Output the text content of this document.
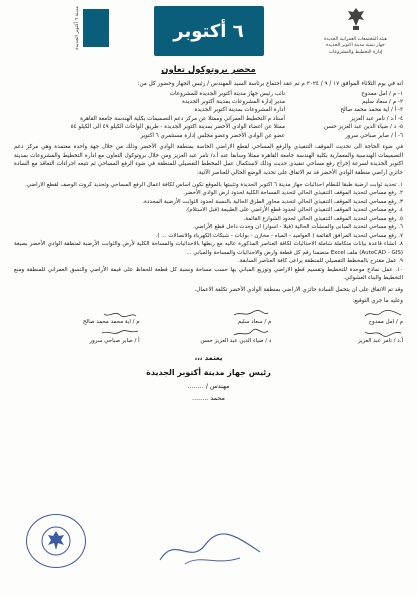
هيئة المجتمعات العمرانية الجديدة
جهاز تنمية مدينة اكتوبر الجديدة
إدارة التخطيط والمشروعات
٦ أكتوبر
مدينة ٦ أكتوبر الجديدة
محضر بروتوكول تعاون

انه في يوم الثلاثاء الموافق ١٧ / ٩ / ٢٠٢٤ م تم عقد اجتماع برئاسة السيد المهندس / رئيس الجهاز وحضور كل من:

١- م / امل ممدوح
نائب رئيس جهاز مدينة أكتوبر الجديدة للمشروعات
٢- م / سعاد سليم
مدير إدارة المشروعات بمدينة أكتوبر الجديدة
٣- أ / اية محمد محمد صالح
ادارة المشروعات بمدينة اكتوبر الجديدة
٤- أ.د / تامر عبد العزيز
أستاذ م التخطيط العمراني وممثلا عن مركز دعم التصميمات بكلية الهندسة جامعة القاهرة
٥- د / ضياء الدين عبد العزيز حسن
ممثلا عن اعضاء الوادي الأخضر بمدينة اكتوبر الجديدة - طريق الواحات الكيلو ٤٩ الى الكيلو ٥٤
٦- أ / صابر صباحي سرور
عضو عن الوادي الأخضر وعضو مجلس إدارة مستثمري ٦ اكتوبر

في ضوء الحاجة الى تحديث الموقف التنفيذي والرفع المساحي لقطع الاراضي الخاصة بمنطقة الوادي الأخضر وذلك من خلال جهة واحدة معتمدة وهي مركز دعم التصميمات الهندسية والمعمارية بكلية الهندسة جامعة القاهرة ممثلا وسابقا عنه أ.د/ تامر عبد العزيز ومن خلال بروتوكول التعاون مع ادارة التخطيط والمشروعات بمدينة اكتوبر الجديدة لسرعة إخراج رفع مساحي تنفيذي حديث وذلك لاستكمال عمل المخطط التفصيلي للمنطقة في ضوء الرفع المساحي ثم تتبعه اجراءات التعاقد مع السادة حائزي اراضي منطقة الوادي الأخضر قد تم الاتفاق على تحديد الوضع الحالي للعناصر الآتية:

١. تحديد ثوابت ارضية طبقا للنظام احداثيات جهاز مدينة ٦ اكتوبر الجديدة وتثبيتها بالموقع تكون اساس لكافة اعمال الرفع المساحي وتحديد كروت الوصف لقطع الاراضي.
٢. رفع مساحي لتحديد الموقف التنفيذي الحالي لتحديد المساحة الكلية لحدود ارض الوادي الأخضر.
٣. رفع مساحي لتحديد الموقف التنفيذي الحالي لتحديد محاور الطرق الحالية بالنسبة لحدود الثوابت الأرضية المحددة.
٤. رفع مساحي لتحديد الموقف التنفيذي الحالي لحدود قطع الأراضي على الطبيعة (قبل الاستلام).
٥. رفع مساحي لتحديد الموقف التنفيذي الحالي لحدود الشوارع القائمة.
٦. رفع مساحي لتحديد المبانى والمنشآت الحالية (فيلا - اسوار) ان وجدت داخل قطع الأراضي.
٧. رفع مساحي لتحديد المرافق القائمة ( العواميد - المياه - مخازن - بوابات - شبكات الكهرباء والاتصالات ... ).
٨. انشاء قاعدة بيانات متكاملة شاملة الاحداثيات لكافة العناصر المذكورة عاليه مع ربطها بالاحداثيات والمساحة الكلية لأرض والثوابت الأرضية لمنطقة الوادي الأخضر بصيغة (AutoCAD - GIS) ملف Excel متضمنا رقم كل قطعة وارض والاحداثيات والمساحة والمباني ...
٩. عمل مقترح بالمخطط التفصيلي للمنطقة يراعى كافة العناصر السابقة.
١٠. عمل نماذج موحدة للتخطيط وتقسيم قطع الاراضي وتوزيع المباني بها حسب مساحة ونسبة كل قطعة للحفاظ على قيمة الأراضي والنسق العمراني للمنطقة ومنع التخطيط والبناء العشوائي.
وقد تم الاتفاق على ان يتحمل السادة حائزي الاراضي بمنطقة الوادي الأخضر تكلفة الاعمال.
وعليه ما جري التوقيع:
م / امل ممدوح
م / سعاد سليم
م / اية محمد محمد صالح
أ.د / تامر عبد العزيز
د / ضياء الدين عبد العزيز حسن
أ / صابر صباحي سرور
يعتمد ،،،
رئيس جهاز مدينة أكتوبر الجديدة
مهندس / ........
محمد ........
